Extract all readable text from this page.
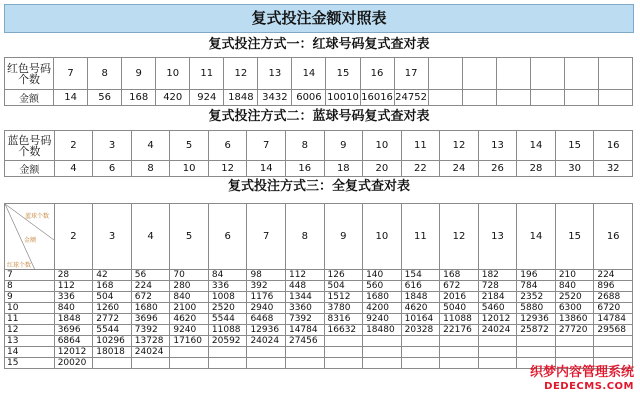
复式投注金额对照表
复式投注方式一：红球号码复式查对表
红色号码
个数	7	8	9	10	11	12	13	14	15	16	17						
金额	14	56	168	420	924	1848	3432	6006	10010	16016	24752						
复式投注方式二：蓝球号码复式查对表
蓝色号码
个数	2	3	4	5	6	7	8	9	10	11	12	13	14	15	16
金额	4	6	8	10	12	14	16	18	20	22	24	26	28	30	32
复式投注方式三：全复式查对表
蓝球个数
金额
红球个数	2	3	4	5	6	7	8	9	10	11	12	13	14	15	16
7	28	42	56	70	84	98	112	126	140	154	168	182	196	210	224
8	112	168	224	280	336	392	448	504	560	616	672	728	784	840	896
9	336	504	672	840	1008	1176	1344	1512	1680	1848	2016	2184	2352	2520	2688
10	840	1260	1680	2100	2520	2940	3360	3780	4200	4620	5040	5460	5880	6300	6720
11	1848	2772	3696	4620	5544	6468	7392	8316	9240	10164	11088	12012	12936	13860	14784
12	3696	5544	7392	9240	11088	12936	14784	16632	18480	20328	22176	24024	25872	27720	29568
13	6864	10296	13728	17160	20592	24024	27456								
14	12012	18018	24024												
15	20020														
织梦内容管理系统
DEDECMS.COM
